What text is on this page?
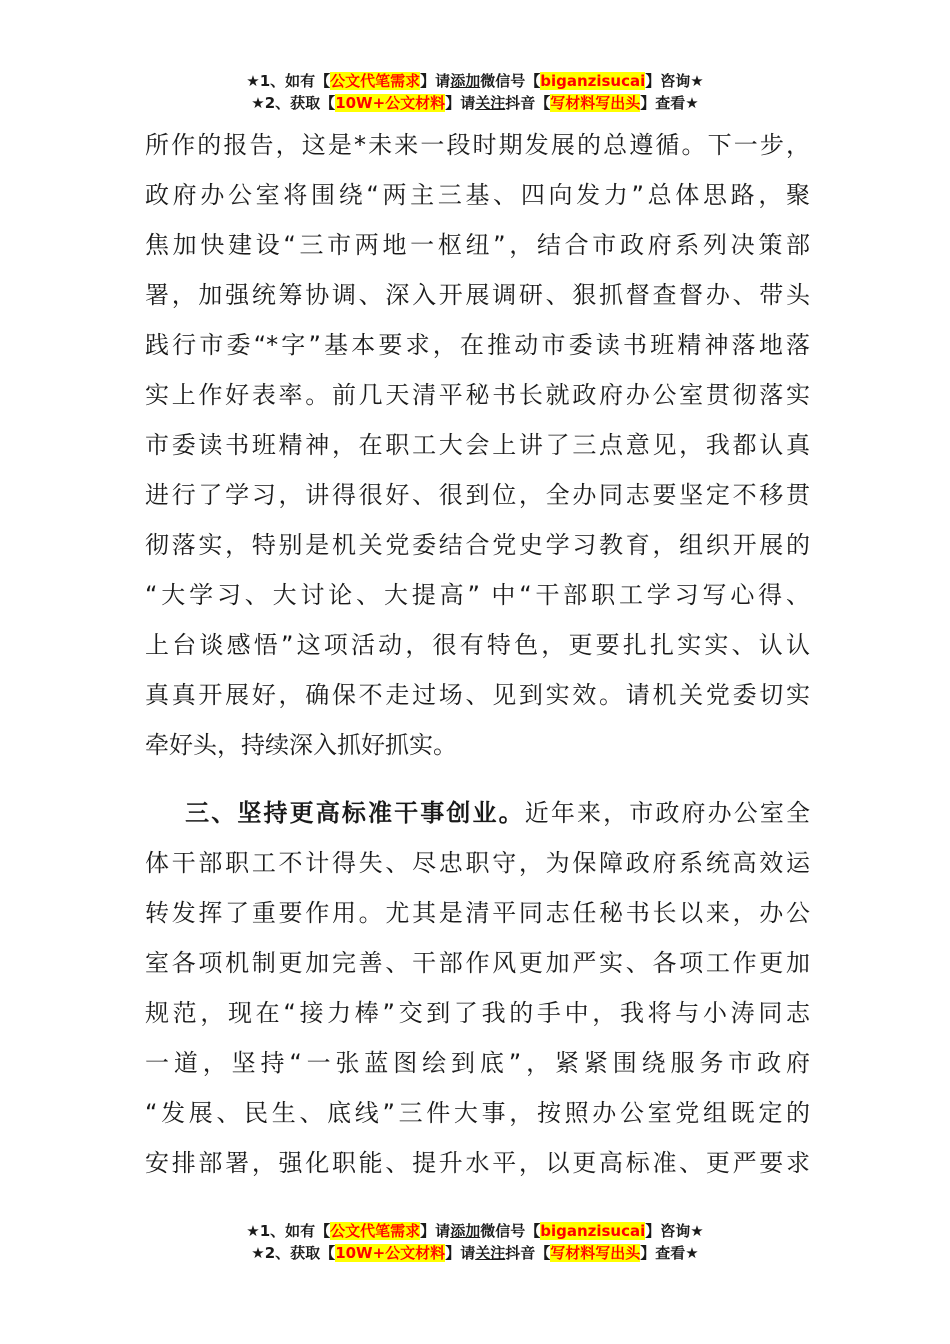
★1、如有【公文代笔需求】请添加微信号【biganzisucai】咨询★
★2、获取【10W+公文材料】请关注抖音【写材料写出头】查看★

所作的报告，这是*未来一段时期发展的总遵循。下一步，
政府办公室将围绕“两主三基、四向发力”总体思路，聚
焦加快建设“三市两地一枢纽”，结合市政府系列决策部
署，加强统筹协调、深入开展调研、狠抓督查督办、带头
践行市委“*字”基本要求，在推动市委读书班精神落地落
实上作好表率。前几天清平秘书长就政府办公室贯彻落实
市委读书班精神，在职工大会上讲了三点意见，我都认真
进行了学习，讲得很好、很到位，全办同志要坚定不移贯
彻落实，特别是机关党委结合党史学习教育，组织开展的
“大学习、大讨论、大提高” 中“干部职工学习写心得、
上台谈感悟”这项活动，很有特色，更要扎扎实实、认认
真真开展好，确保不走过场、见到实效。请机关党委切实
牵好头，持续深入抓好抓实。

三、坚持更高标准干事创业。近年来，市政府办公室全
体干部职工不计得失、尽忠职守，为保障政府系统高效运
转发挥了重要作用。尤其是清平同志任秘书长以来，办公
室各项机制更加完善、干部作风更加严实、各项工作更加
规范，现在“接力棒”交到了我的手中，我将与小涛同志
一道，坚持“一张蓝图绘到底”，紧紧围绕服务市政府
“发展、民生、底线”三件大事，按照办公室党组既定的
安排部署，强化职能、提升水平，以更高标准、更严要求

★1、如有【公文代笔需求】请添加微信号【biganzisucai】咨询★
★2、获取【10W+公文材料】请关注抖音【写材料写出头】查看★
